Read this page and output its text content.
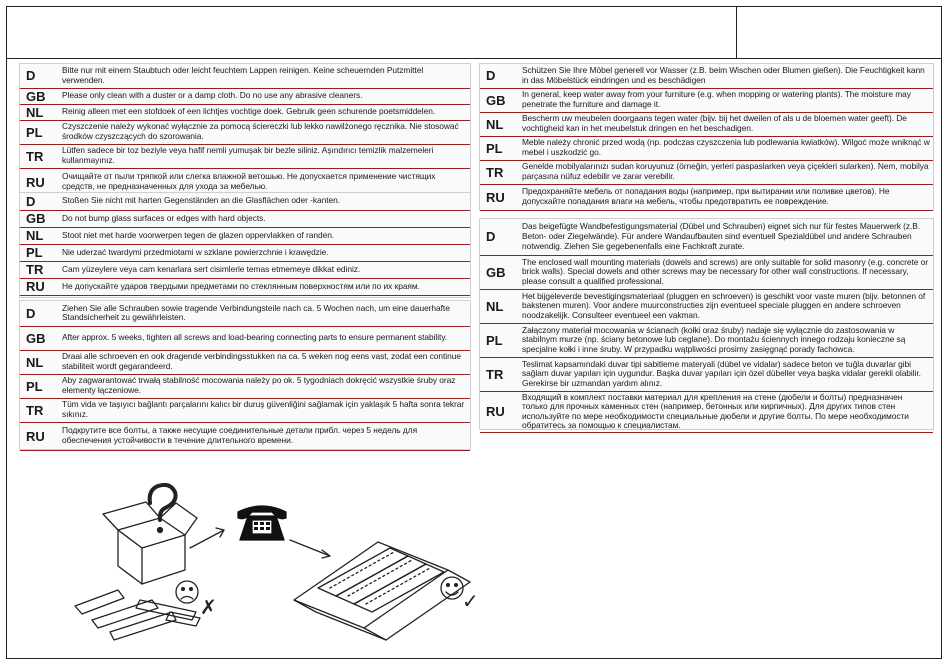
D	Bitte nur mit einem Staubtuch oder leicht feuchtem Lappen reinigen. Keine scheuernden Putzmittel verwenden.
GB	Please only clean with a duster or a damp cloth. Do no use any abrasive cleaners.
NL	Reinig alleen met een stofdoek of een lichtjes vochtige doek. Gebruik geen schurende poetsmiddelen.
PL	Czyszczenie należy wykonać wyłącznie za pomocą ściereczki lub lekko nawilżonego ręcznika. Nie stosować środków czyszczących do szorowania.
TR	Lütfen sadece bir toz beziyle veya hafif nemli yumuşak bir bezle siliniz. Aşındırıcı temizlik malzemeleri kullanmayınız.
RU	Очищайте от пыли тряпкой или слегка влажной ветошью. Не допускается применение чистящих средств, не предназначенных для ухода за мебелью.
D	Stoßen Sie nicht mit harten Gegenständen an die Glasflächen oder -kanten.
GB	Do not bump glass surfaces or edges with hard objects.
NL	Stoot niet met harde voorwerpen tegen de glazen oppervlakken of randen.
PL	Nie uderzać twardymi przedmiotami w szklane powierzchnie i krawędzie.
TR	Cam yüzeylere veya cam kenarlara sert cisimlerle temas etmemeye dikkat ediniz.
RU	Не допускайте ударов твердыми предметами по стеклянным поверхностям или по их краям.
D	Ziehen Sie alle Schrauben sowie tragende Verbindungsteile nach ca. 5 Wochen nach, um eine dauerhafte Standsicherheit zu gewährleisten.
GB	After approx. 5 weeks, tighten all screws and load-bearing connecting parts to ensure permanent stability.
NL	Draai alle schroeven en ook dragende verbindingsstukken na ca. 5 weken nog eens vast, zodat een continue stabiliteit wordt gegarandeerd.
PL	Aby zagwarantować trwałą stabilność mocowania należy po ok. 5 tygodniach dokręcić wszystkie śruby oraz elementy łączeniowe.
TR	Tüm vida ve taşıyıcı bağlantı parçalarını kalıcı bir duruş güvenliğini sağlamak için yaklaşık 5 hafta sonra tekrar sıkınız.
RU	Подкрутите все болты, а также несущие соединительные детали прибл. через 5 недель для обеспечения устойчивости в течение длительного времени.
D	Schützen Sie Ihre Möbel generell vor Wasser (z.B. beim Wischen oder Blumen gießen). Die Feuchtigkeit kann in das Möbelstück eindringen und es beschädigen
GB	In general, keep water away from your furniture (e.g. when mopping or watering plants). The moisture may penetrate the furniture and damage it.
NL	Bescherm uw meubelen doorgaans tegen water (bijv. bij het dweilen of als u de bloemen water geeft). De vochtigheid kan in het meubelstuk dringen en het beschadigen.
PL	Meble należy chronić przed wodą (np. podczas czyszczenia lub podlewania kwiatków). Wilgoć może wniknąć w mebel i uszkodzić go.
TR	Genelde mobilyalarınızı sudan koruyunuz (örneğin, yerleri paspaslarken veya çiçekleri sularken). Nem, mobilya parçasına nüfuz edebilir ve zarar verebilir.
RU	Предохраняйте мебель от попадания воды (например, при вытирании или поливке цветов). Не допускайте попадания влаги на мебель, чтобы предотвратить ее повреждение.
D	Das beigefügte Wandbefestigungsmaterial (Dübel und Schrauben) eignet sich nur für festes Mauerwerk (z.B. Beton- oder Ziegelwände). Für andere Wandaufbauten sind eventuell Spezialdübel und andere Schrauben notwendig. Ziehen Sie gegebenenfalls eine Fachkraft zurate.
GB	The enclosed wall mounting materials (dowels and screws) are only suitable for solid masonry (e.g. concrete or brick walls). Special dowels and other screws may be necessary for other wall constructions. If necessary, please consult a qualified professional.
NL	Het bijgeleverde bevestigingsmateriaal (pluggen en schroeven) is geschikt voor vaste muren (bijv. betonnen of bakstenen muren). Voor andere muurconstructies zijn eventueel speciale pluggen en andere schroeven noodzakelijk. Consulteer eventueel een vakman.
PL	Załączony materiał mocowania w ścianach (kołki oraz śruby) nadaje się wyłącznie do zastosowania w stabilnym murze (np. ściany betonowe lub ceglane). Do montażu ściennych innego rodzaju konieczne są specjalne kołki i inne śruby. W przypadku wątpliwości prosimy zasięgnąć porady fachowca.
TR	Teslimat kapsamındaki duvar tipi sabitleme materyali (dübel ve vidalar) sadece beton ve tuğla duvarlar gibi sağlam duvar yapıları için uygundur. Başka duvar yapıları için özel dübeller veya başka vidalar gerekli olabilir. Gerekirse bir uzmandan yardım alınız.
RU	Входящий в комплект поставки материал для крепления на стене (дюбели и болты) предназначен только для прочных каменных стен (например, бетонных или кирпичных). Для других типов стен используйте по мере необходимости специальные дюбели и другие болты. По мере необходимости обратитесь за помощью к специалистам.
✗	✓
